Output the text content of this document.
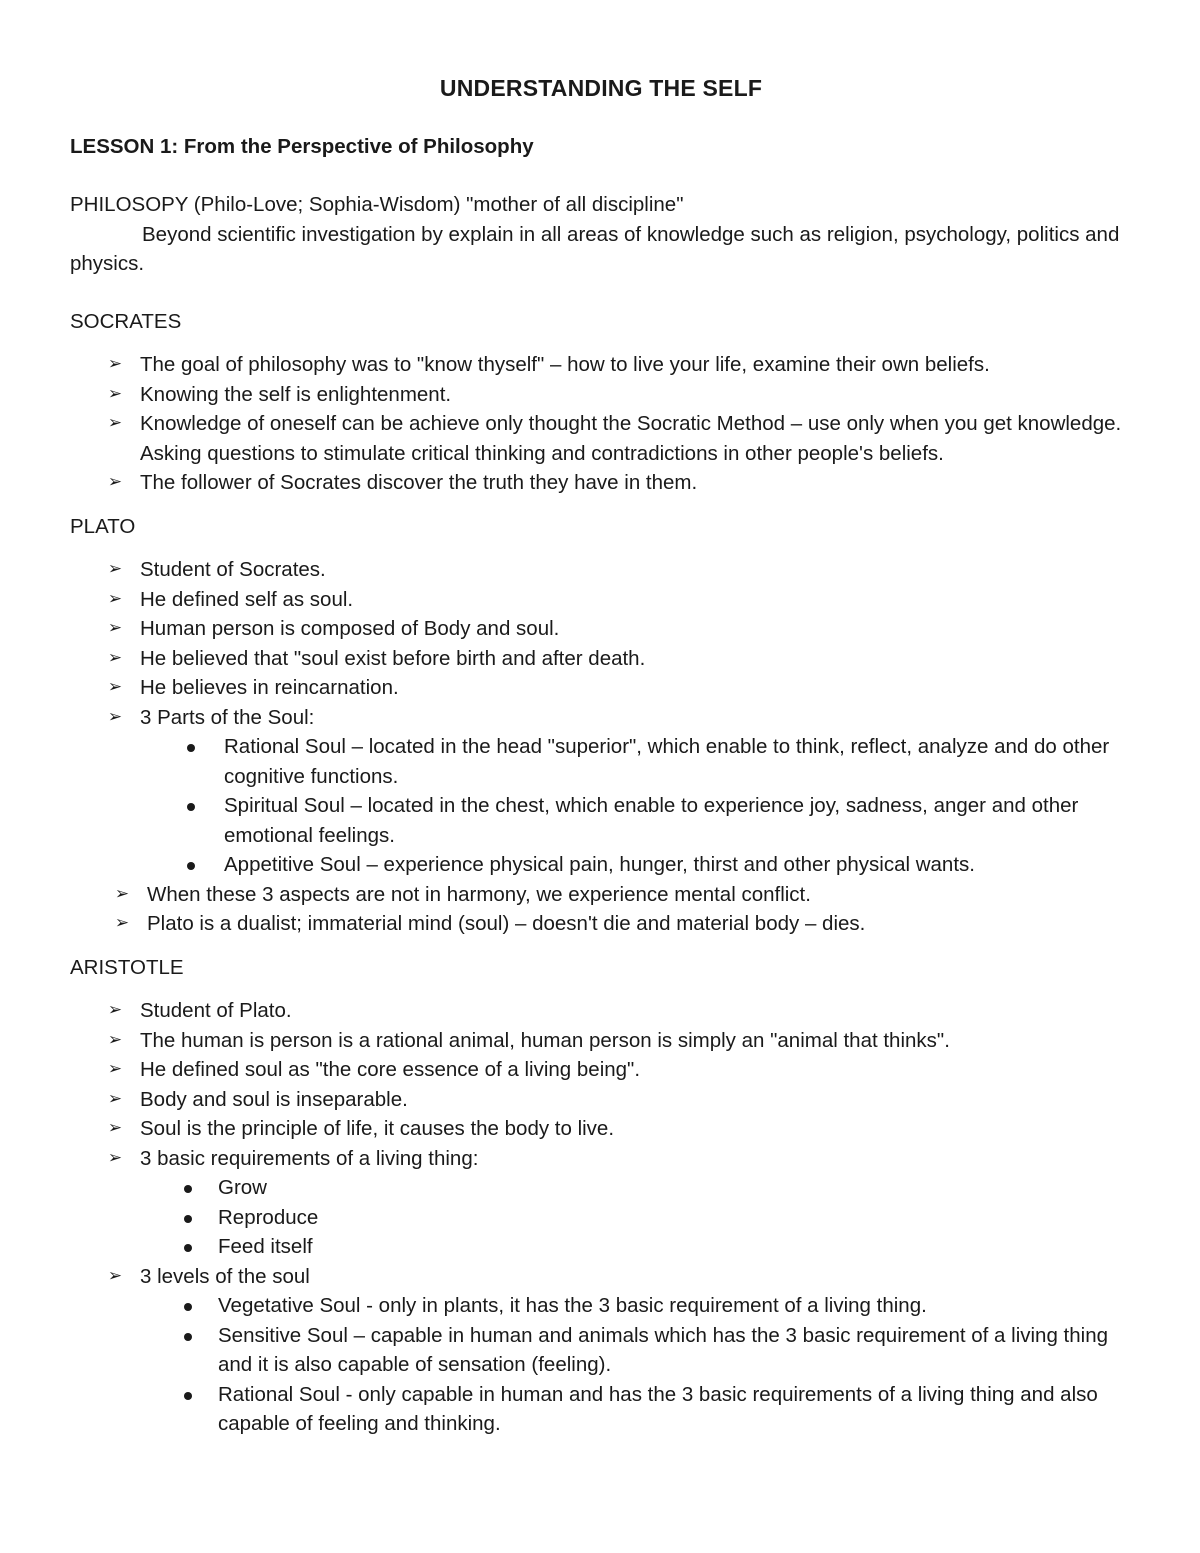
UNDERSTANDING THE SELF

LESSON 1: From the Perspective of Philosophy

PHILOSOPY (Philo-Love; Sophia-Wisdom) "mother of all discipline"

Beyond scientific investigation by explain in all areas of knowledge such as religion, psychology, politics and physics.

SOCRATES

➢ The goal of philosophy was to "know thyself" – how to live your life, examine their own beliefs.
➢ Knowing the self is enlightenment.
➢ Knowledge of oneself can be achieve only thought the Socratic Method – use only when you get knowledge. Asking questions to stimulate critical thinking and contradictions in other people's beliefs.
➢ The follower of Socrates discover the truth they have in them.

PLATO

➢ Student of Socrates.
➢ He defined self as soul.
➢ Human person is composed of Body and soul.
➢ He believed that "soul exist before birth and after death.
➢ He believes in reincarnation.
➢ 3 Parts of the Soul:
Rational Soul – located in the head "superior", which enable to think, reflect, analyze and do other cognitive functions.
Spiritual Soul – located in the chest, which enable to experience joy, sadness, anger and other emotional feelings.
Appetitive Soul – experience physical pain, hunger, thirst and other physical wants.
➢ When these 3 aspects are not in harmony, we experience mental conflict.
➢ Plato is a dualist; immaterial mind (soul) – doesn't die and material body – dies.

ARISTOTLE

➢ Student of Plato.
➢ The human is person is a rational animal, human person is simply an "animal that thinks".
➢ He defined soul as "the core essence of a living being".
➢ Body and soul is inseparable.
➢ Soul is the principle of life, it causes the body to live.
➢ 3 basic requirements of a living thing:
Grow
Reproduce
Feed itself
➢ 3 levels of the soul
Vegetative Soul - only in plants, it has the 3 basic requirement of a living thing.
Sensitive Soul – capable in human and animals which has the 3 basic requirement of a living thing and it is also capable of sensation (feeling).
Rational Soul - only capable in human and has the 3 basic requirements of a living thing and also capable of feeling and thinking.
